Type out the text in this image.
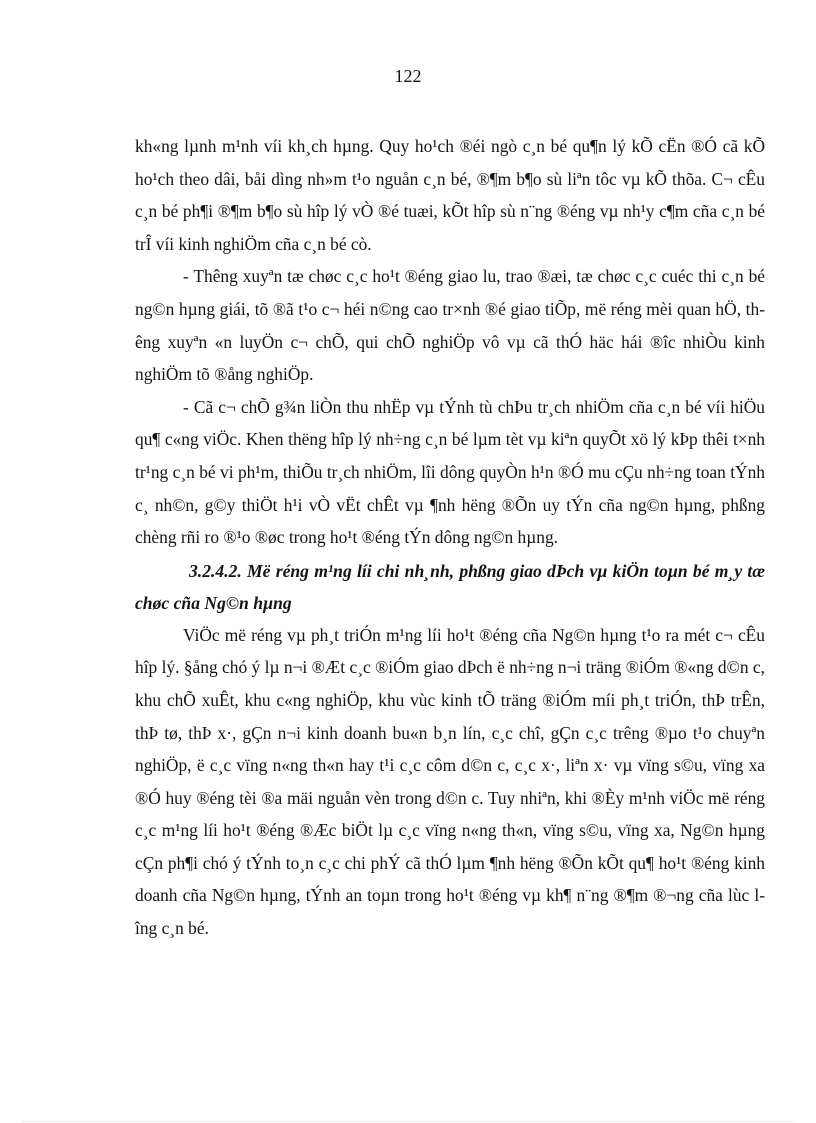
122

kh«ng lµnh m¹nh víi kh¸ch hµng. Quy ho¹ch ®éi ngò c¸n bé qu¶n lý kÕ cËn ®Ó cã kÕ ho¹ch theo dâi, båi dìng nh»m t¹o nguån c¸n bé, ®¶m b¶o sù liªn tôc vµ kÕ thõa. C¬ cÊu c¸n bé ph¶i ®¶m b¶o sù hîp lý vÒ ®é tuæi, kÕt hîp sù n¨ng ®éng vµ nh¹y c¶m cña c¸n bé trÎ víi kinh nghiÖm cña c¸n bé cò.

- Thêng xuyªn tæ chøc c¸c ho¹t ®éng giao lu, trao ®æi, tæ chøc c¸c cuéc thi c¸n bé ng©n hµng giái, tõ ®ã t¹o c¬ héi n©ng cao tr×nh ®é giao tiÕp, më réng mèi quan hÖ, thêng xuyªn «n luyÖn c¬ chÕ, qui chÕ nghiÖp vô vµ cã thÓ häc hái ®îc nhiÒu kinh nghiÖm tõ ®ång nghiÖp.

- Cã c¬ chÕ g¾n liÒn thu nhËp vµ tÝnh tù chÞu tr¸ch nhiÖm cña c¸n bé víi hiÖu qu¶ c«ng viÖc. Khen thëng hîp lý nh÷ng c¸n bé lµm tèt vµ kiªn quyÕt xö lý kÞp thêi t×nh tr¹ng c¸n bé vi ph¹m, thiÕu tr¸ch nhiÖm, lîi dông quyÒn h¹n ®Ó mu cÇu nh÷ng toan tÝnh c¸ nh©n, g©y thiÖt h¹i vÒ vËt chÊt vµ ¶nh hëng ®Õn uy tÝn cña ng©n hµng, phßng chèng rñi ro ®¹o ®øc trong ho¹t ®éng tÝn dông ng©n hµng.

3.2.4.2. Më réng m¹ng líi chi nh¸nh, phßng giao dÞch vµ kiÖn toµn bé m¸y tæ chøc cña Ng©n hµng

ViÖc më réng vµ ph¸t triÓn m¹ng líi ho¹t ®éng cña Ng©n hµng t¹o ra mét c¬ cÊu hîp lý. §ång chó ý lµ n¬i ®Æt c¸c ®iÓm giao dÞch ë nh÷ng n¬i träng ®iÓm ®«ng d©n c, khu chÕ xuÊt, khu c«ng nghiÖp, khu vùc kinh tÕ träng ®iÓm míi ph¸t triÓn, thÞ trÊn, thÞ tø, thÞ x·, gÇn n¬i kinh doanh bu«n b¸n lín, c¸c chî, gÇn c¸c trêng ®µo t¹o chuyªn nghiÖp, ë c¸c vïng n«ng th«n hay t¹i c¸c côm d©n c, c¸c x·, liªn x· vµ vïng s©u, vïng xa ®Ó huy ®éng tèi ®a mäi nguån vèn trong d©n c. Tuy nhiªn, khi ®Èy m¹nh viÖc më réng c¸c m¹ng líi ho¹t ®éng ®Æc biÖt lµ c¸c vïng n«ng th«n, vïng s©u, vïng xa, Ng©n hµng cÇn ph¶i chó ý tÝnh to¸n c¸c chi phÝ cã thÓ lµm ¶nh hëng ®Õn kÕt qu¶ ho¹t ®éng kinh doanh cña Ng©n hµng, tÝnh an toµn trong ho¹t ®éng vµ kh¶ n¨ng ®¶m ®¬ng cña lùc lîng c¸n bé.
